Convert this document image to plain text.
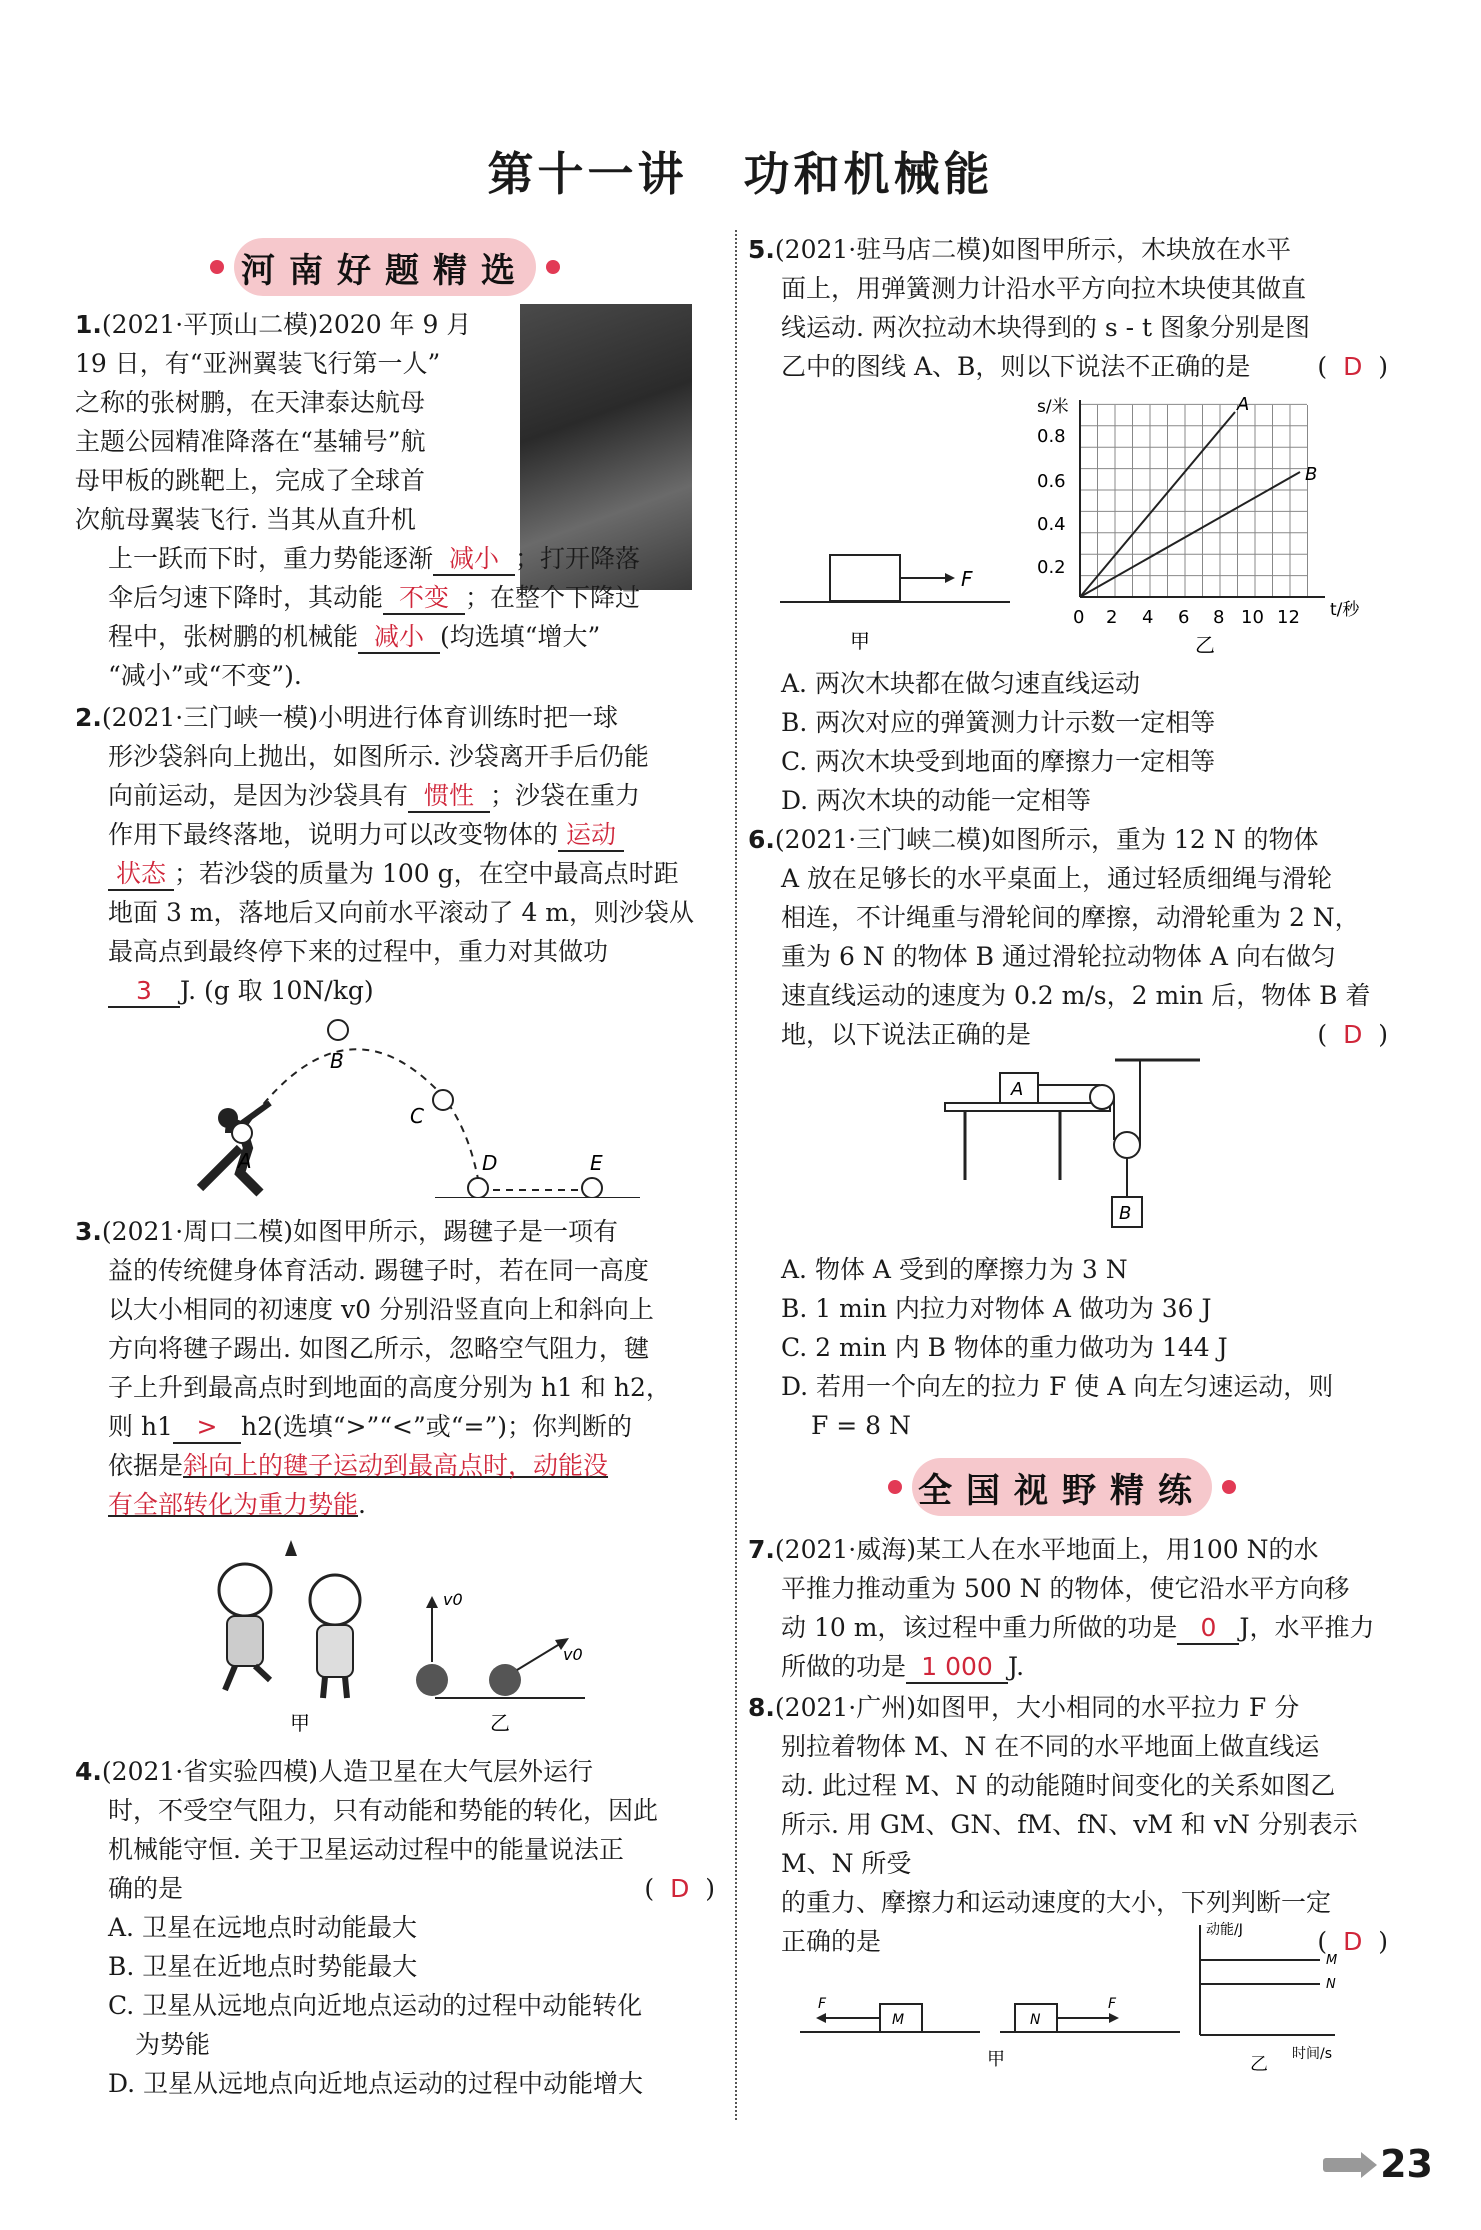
第十一讲 功和机械能
河南好题精选
1.(2021·平顶山二模)2020 年 9 月
19 日，有“亚洲翼装飞行第一人”
之称的张树鹏，在天津泰达航母
主题公园精准降落在“基辅号”航
母甲板的跳靶上，完成了全球首
次航母翼装飞行. 当其从直升机
上一跃而下时，重力势能逐渐 减小 ；打开降落
伞后匀速下降时，其动能 不变 ；在整个下降过
程中，张树鹏的机械能 减小 (均选填“增大”
“减小”或“不变”).
2.(2021·三门峡一模)小明进行体育训练时把一球
形沙袋斜向上抛出，如图所示. 沙袋离开手后仍能
向前运动，是因为沙袋具有 惯性 ；沙袋在重力
作用下最终落地，说明力可以改变物体的 运动
状态 ；若沙袋的质量为 100 g，在空中最高点时距
地面 3 m，落地后又向前水平滚动了 4 m，则沙袋从
最高点到最终停下来的过程中，重力对其做功
3 J. (g 取 10N/kg)
A
B
C
D	E
3.(2021·周口二模)如图甲所示，踢毽子是一项有
益的传统健身体育活动. 踢毽子时，若在同一高度
以大小相同的初速度 v0 分别沿竖直向上和斜向上
方向将毽子踢出. 如图乙所示，忽略空气阻力，毽
子上升到最高点时到地面的高度分别为 h1 和 h2，
则 h1 > h2(选填“>”“<”或“=”)；你判断的
依据是斜向上的毽子运动到最高点时，动能没
有全部转化为重力势能.
v0
v0
甲	乙
4.(2021·省实验四模)人造卫星在大气层外运行
时，不受空气阻力，只有动能和势能的转化，因此
机械能守恒. 关于卫星运动过程中的能量说法正
确的是	(  D  )
A. 卫星在远地点时动能最大
B. 卫星在近地点时势能最大
C. 卫星从远地点向近地点运动的过程中动能转化
为势能
D. 卫星从远地点向近地点运动的过程中动能增大
5.(2021·驻马店二模)如图甲所示，木块放在水平
面上，用弹簧测力计沿水平方向拉木块使其做直
线运动. 两次拉动木块得到的 s - t 图象分别是图
乙中的图线 A、B，则以下说法不正确的是	(  D  )
F
甲
A
B
s/米
t/秒
0.8
0.6
0.4
0.2
0 2 4 6 8 10 12
乙
A. 两次木块都在做匀速直线运动
B. 两次对应的弹簧测力计示数一定相等
C. 两次木块受到地面的摩擦力一定相等
D. 两次木块的动能一定相等
6.(2021·三门峡二模)如图所示，重为 12 N 的物体
A 放在足够长的水平桌面上，通过轻质细绳与滑轮
相连，不计绳重与滑轮间的摩擦，动滑轮重为 2 N，
重为 6 N 的物体 B 通过滑轮拉动物体 A 向右做匀
速直线运动的速度为 0.2 m/s，2 min 后，物体 B 着
地，以下说法正确的是	(  D  )
A
B
A. 物体 A 受到的摩擦力为 3 N
B. 1 min 内拉力对物体 A 做功为 36 J
C. 2 min 内 B 物体的重力做功为 144 J
D. 若用一个向左的拉力 F 使 A 向左匀速运动，则
F = 8 N
全国视野精练
7.(2021·威海)某工人在水平地面上，用100 N的水
平推力推动重为 500 N 的物体，使它沿水平方向移
动 10 m，该过程中重力所做的功是 0 J，水平推力
所做的功是 1 000 J.
8.(2021·广州)如图甲，大小相同的水平拉力 F 分
别拉着物体 M、N 在不同的水平地面上做直线运
动. 此过程 M、N 的动能随时间变化的关系如图乙
所示. 用 GM、GN、fM、fN、vM 和 vN 分别表示 M、N 所受
的重力、摩擦力和运动速度的大小，下列判断一定
正确的是	(  D  )
M
F
N
F
甲
M
N
动能/J
时间/s
乙
23
